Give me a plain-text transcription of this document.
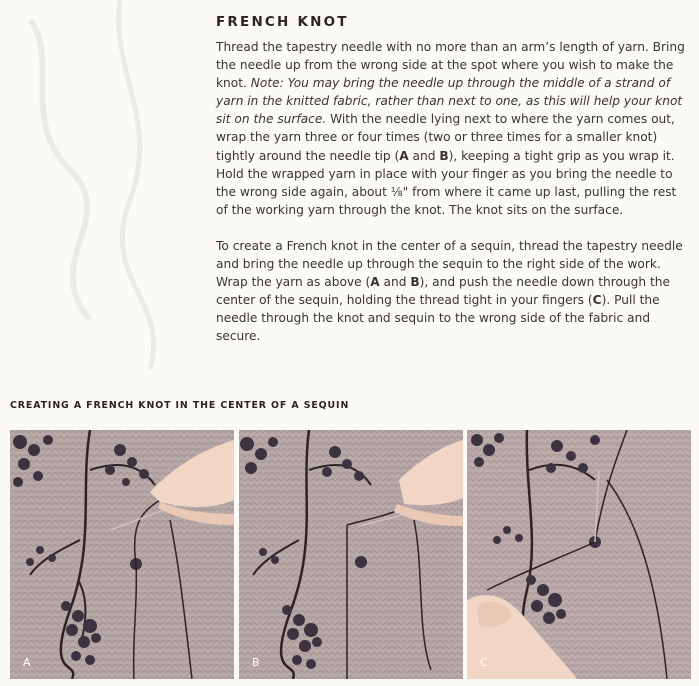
FRENCH KNOT

Thread the tapestry needle with no more than an arm’s length of yarn. Bring the needle up from the wrong side at the spot where you wish to make the knot. Note: You may bring the needle up through the middle of a strand of yarn in the knitted fabric, rather than next to one, as this will help your knot sit on the surface. With the needle lying next to where the yarn comes out, wrap the yarn three or four times (two or three times for a smaller knot) tightly around the needle tip (A and B), keeping a tight grip as you wrap it. Hold the wrapped yarn in place with your finger as you bring the needle to the wrong side again, about ⅛" from where it came up last, pulling the rest of the working yarn through the knot. The knot sits on the surface.

To create a French knot in the center of a sequin, thread the tapestry needle and bring the needle up through the sequin to the right side of the work. Wrap the yarn as above (A and B), and push the needle down through the center of the sequin, holding the thread tight in your fingers (C). Pull the needle through the knot and sequin to the wrong side of the fabric and secure.

CREATING A FRENCH KNOT IN THE CENTER OF A SEQUIN
A	B	C
